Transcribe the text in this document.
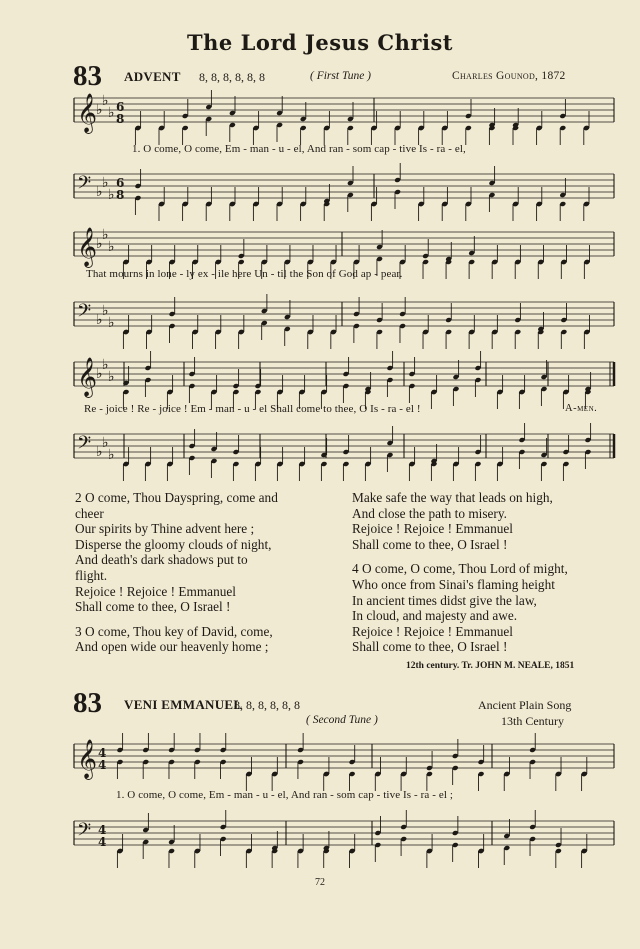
The Lord Jesus Christ
83 ADVENT 8, 8, 8, 8, 8, 8	( First Tune )	Charles Gounod, 1872
𝄞
♭
♭
♭ 6
8
1. O come, O come, Em - man - u - el, And ran - som cap - tive Is - ra - el,
𝄢 ♭
♭
♭
6
8
𝄞
♭
♭
♭
That mourns in lone - ly ex - ile here Un - til the Son of God ap - pear.
𝄢 ♭
♭
♭
𝄞
♭
♭
♭
Re - joice ! Re - joice ! Em - man - u - el Shall come to thee, O Is - ra - el !	A-men.
𝄢 ♭
♭
♭
2 O come, Thou Dayspring, come and
cheer
Our spirits by Thine advent here ;
Disperse the gloomy clouds of night,
And death's dark shadows put to
flight.
Rejoice ! Rejoice ! Emmanuel
Shall come to thee, O Israel !

3 O come, Thou key of David, come,
And open wide our heavenly home ;
Make safe the way that leads on high,
And close the path to misery.
Rejoice ! Rejoice ! Emmanuel
Shall come to thee, O Israel !

4 O come, O come, Thou Lord of might,
Who once from Sinai's flaming height
In ancient times didst give the law,
In cloud, and majesty and awe.
Rejoice ! Rejoice ! Emmanuel
Shall come to thee, O Israel !
12th century. Tr. JOHN M. NEALE, 1851
83 VENI EMMANUEL
8, 8, 8, 8, 8, 8
( Second Tune )
Ancient Plain Song
13th Century
𝄞 4
4
1. O come, O come, Em - man - u - el, And ran - som cap - tive Is - ra - el ;
𝄢 4
4
72
